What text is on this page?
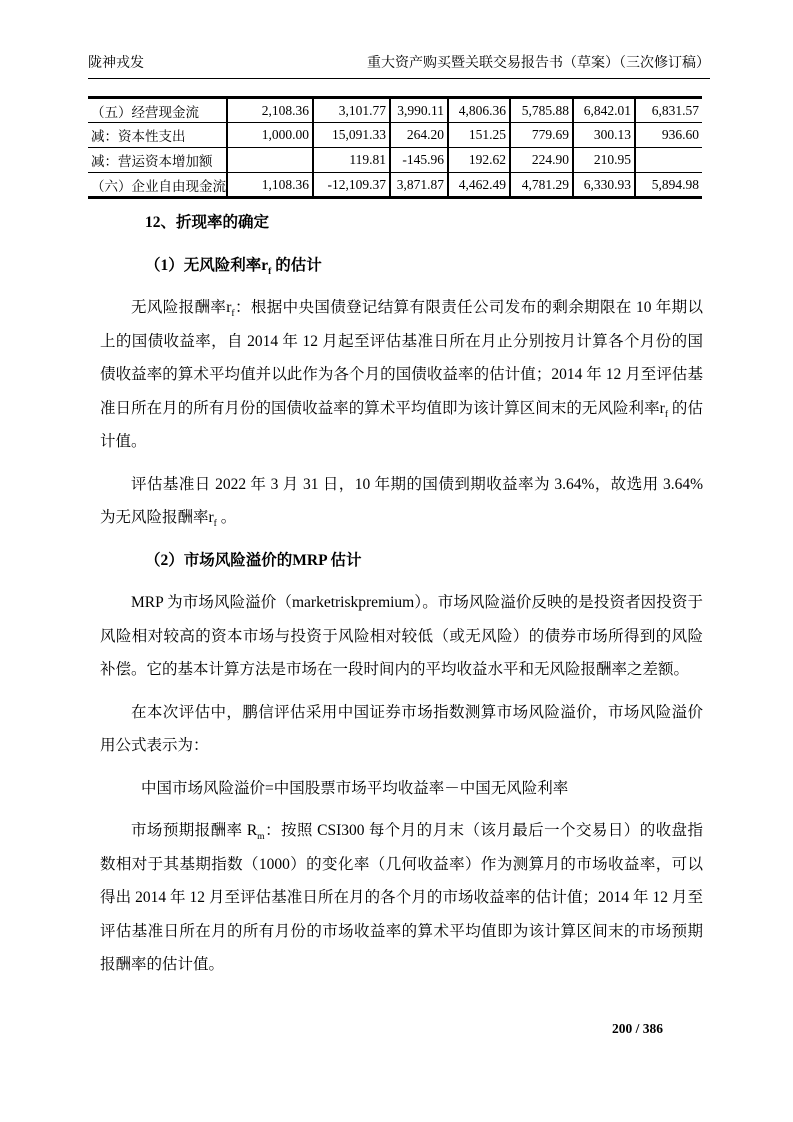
陇神戎发	重大资产购买暨关联交易报告书（草案）（三次修订稿）
（五）经营现金流	2,108.36	3,101.77	3,990.11	4,806.36	5,785.88	6,842.01	6,831.57
减：资本性支出	1,000.00	15,091.33	264.20	151.25	779.69	300.13	936.60
减：营运资本增加额		119.81	-145.96	192.62	224.90	210.95	
（六）企业自由现金流	1,108.36	-12,109.37	3,871.87	4,462.49	4,781.29	6,330.93	5,894.98

12、折现率的确定

（1）无风险利率$r_f$ 的估计

无风险报酬率$r_f$：根据中央国债登记结算有限责任公司发布的剩余期限在 10 年期以上的国债收益率，自 2014 年 12 月起至评估基准日所在月止分别按月计算各个月份的国债收益率的算术平均值并以此作为各个月的国债收益率的估计值；2014 年 12 月至评估基准日所在月的所有月份的国债收益率的算术平均值即为该计算区间末的无风险利率$r_f$ 的估计值。

评估基准日 2022 年 3 月 31 日，10 年期的国债到期收益率为 3.64%，故选用 3.64%为无风险报酬率$r_f$ 。

（2）市场风险溢价的MRP 估计

MRP 为市场风险溢价（marketriskpremium）。市场风险溢价反映的是投资者因投资于风险相对较高的资本市场与投资于风险相对较低（或无风险）的债券市场所得到的风险补偿。它的基本计算方法是市场在一段时间内的平均收益水平和无风险报酬率之差额。

在本次评估中，鹏信评估采用中国证券市场指数测算市场风险溢价，市场风险溢价用公式表示为：

中国市场风险溢价=中国股票市场平均收益率－中国无风险利率

市场预期报酬率 $R_m$：按照 CSI300 每个月的月末（该月最后一个交易日）的收盘指数相对于其基期指数（1000）的变化率（几何收益率）作为测算月的市场收益率，可以得出 2014 年 12 月至评估基准日所在月的各个月的市场收益率的估计值；2014 年 12 月至评估基准日所在月的所有月份的市场收益率的算术平均值即为该计算区间末的市场预期报酬率的估计值。

200 / 386
